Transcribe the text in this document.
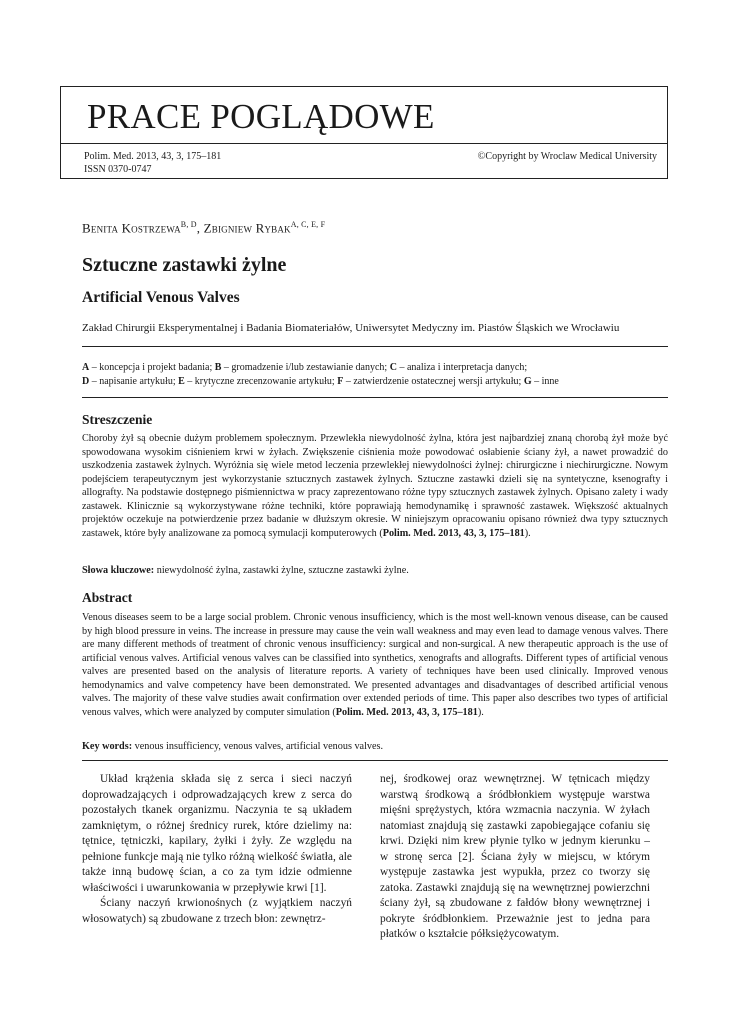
PRACE POGLĄDOWE
Polim. Med. 2013, 43, 3, 175–181
ISSN 0370-0747
©Copyright by Wroclaw Medical University
Benita Kostrzewa$^{B, D}$, Zbigniew Rybak$^{A, C, E, F}$
Sztuczne zastawki żylne
Artificial Venous Valves
Zakład Chirurgii Eksperymentalnej i Badania Biomateriałów, Uniwersytet Medyczny im. Piastów Śląskich we Wrocławiu
A – koncepcja i projekt badania; B – gromadzenie i/lub zestawianie danych; C – analiza i interpretacja danych;
D – napisanie artykułu; E – krytyczne zrecenzowanie artykułu; F – zatwierdzenie ostatecznej wersji artykułu; G – inne
Streszczenie

Choroby żył są obecnie dużym problemem społecznym. Przewlekła niewydolność żylna, która jest najbardziej znaną chorobą żył może być spowodowana wysokim ciśnieniem krwi w żyłach. Zwiększenie ciśnienia może powodować osłabienie ściany żył, a nawet prowadzić do uszkodzenia zastawek żylnych. Wyróżnia się wiele metod leczenia przewlekłej niewydolności żylnej: chirurgiczne i niechirurgiczne. Nowym podejściem terapeutycznym jest wykorzystanie sztucznych zastawek żylnych. Sztuczne zastawki dzieli się na syntetyczne, ksenografty i allografty. Na podstawie dostępnego piśmiennictwa w pracy zaprezentowano różne typy sztucznych zastawek żylnych. Opisano zalety i wady zastawek. Klinicznie są wykorzystywane różne techniki, które poprawiają hemodynamikę i sprawność zastawek. Większość aktualnych projektów oczekuje na potwierdzenie przez badanie w dłuższym okresie. W niniejszym opracowaniu opisano również dwa typy sztucznych zastawek, które były analizowane za pomocą symulacji komputerowych (Polim. Med. 2013, 43, 3, 175–181).

Słowa kluczowe: niewydolność żylna, zastawki żylne, sztuczne zastawki żylne.

Abstract

Venous diseases seem to be a large social problem. Chronic venous insufficiency, which is the most well-known venous disease, can be caused by high blood pressure in veins. The increase in pressure may cause the vein wall weakness and may even lead to damage venous valves. There are many different methods of treatment of chronic venous insufficiency: surgical and non-surgical. A new therapeutic approach is the use of artificial venous valves. Artificial venous valves can be classified into synthetics, xenografts and allografts. Different types of artificial venous valves are presented based on the analysis of literature reports. A variety of techniques have been used clinically. Improved venous hemodynamics and valve competency have been demonstrated. We presented advantages and disadvantages of described artificial venous valves. The majority of these valve studies await confirmation over extended periods of time. This paper also describes two types of artificial venous valves, which were analyzed by computer simulation (Polim. Med. 2013, 43, 3, 175–181).

Key words: venous insufficiency, venous valves, artificial venous valves.

Układ krążenia składa się z serca i sieci naczyń doprowadzających i odprowadzających krew z serca do pozostałych tkanek organizmu. Naczynia te są układem zamkniętym, o różnej średnicy rurek, które dzielimy na: tętnice, tętniczki, kapilary, żyłki i żyły. Ze względu na pełnione funkcje mają nie tylko różną wielkość światła, ale także inną budowę ścian, a co za tym idzie odmienne właściwości i uwarunkowania w przepływie krwi [1].

Ściany naczyń krwionośnych (z wyjątkiem naczyń włosowatych) są zbudowane z trzech błon: zewnętrz-

nej, środkowej oraz wewnętrznej. W tętnicach między warstwą środkową a śródbłonkiem występuje warstwa mięśni sprężystych, która wzmacnia naczynia. W żyłach natomiast znajdują się zastawki zapobiegające cofaniu się krwi. Dzięki nim krew płynie tylko w jednym kierunku – w stronę serca [2]. Ściana żyły w miejscu, w którym występuje zastawka jest wypukła, przez co tworzy się zatoka. Zastawki znajdują się na wewnętrznej powierzchni ściany żył, są zbudowane z fałdów błony wewnętrznej i pokryte śródbłonkiem. Przeważnie jest to jedna para płatków o kształcie półksiężycowatym.
